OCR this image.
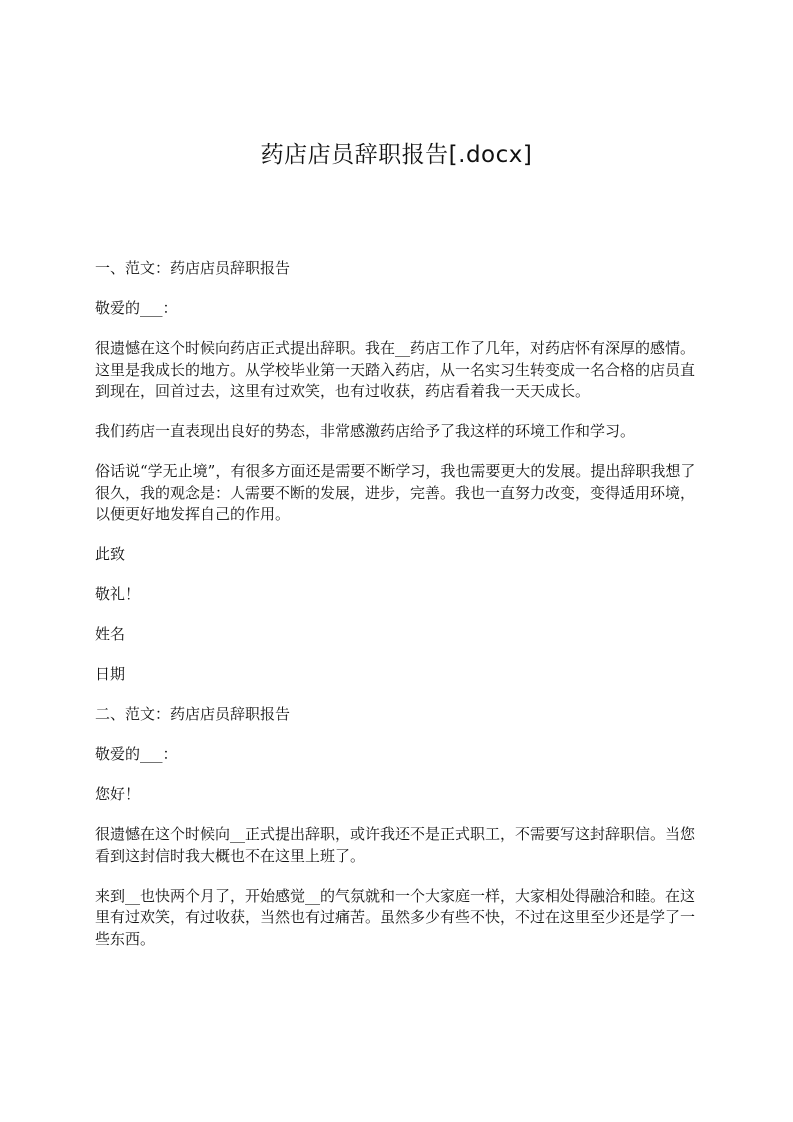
药店店员辞职报告[.docx]

一、范文：药店店员辞职报告

敬爱的___：

很遗憾在这个时候向药店正式提出辞职。我在__药店工作了几年，对药店怀有深厚的感情。这里是我成长的地方。从学校毕业第一天踏入药店，从一名实习生转变成一名合格的店员直到现在，回首过去，这里有过欢笑，也有过收获，药店看着我一天天成长。

我们药店一直表现出良好的势态，非常感激药店给予了我这样的环境工作和学习。

俗话说“学无止境”，有很多方面还是需要不断学习，我也需要更大的发展。提出辞职我想了很久，我的观念是：人需要不断的发展，进步，完善。我也一直努力改变，变得适用环境，以便更好地发挥自己的作用。

此致

敬礼！

姓名

日期

二、范文：药店店员辞职报告

敬爱的___：

您好！

很遗憾在这个时候向__正式提出辞职，或许我还不是正式职工，不需要写这封辞职信。当您看到这封信时我大概也不在这里上班了。

来到__也快两个月了，开始感觉__的气氛就和一个大家庭一样，大家相处得融洽和睦。在这里有过欢笑，有过收获，当然也有过痛苦。虽然多少有些不快，不过在这里至少还是学了一些东西。
